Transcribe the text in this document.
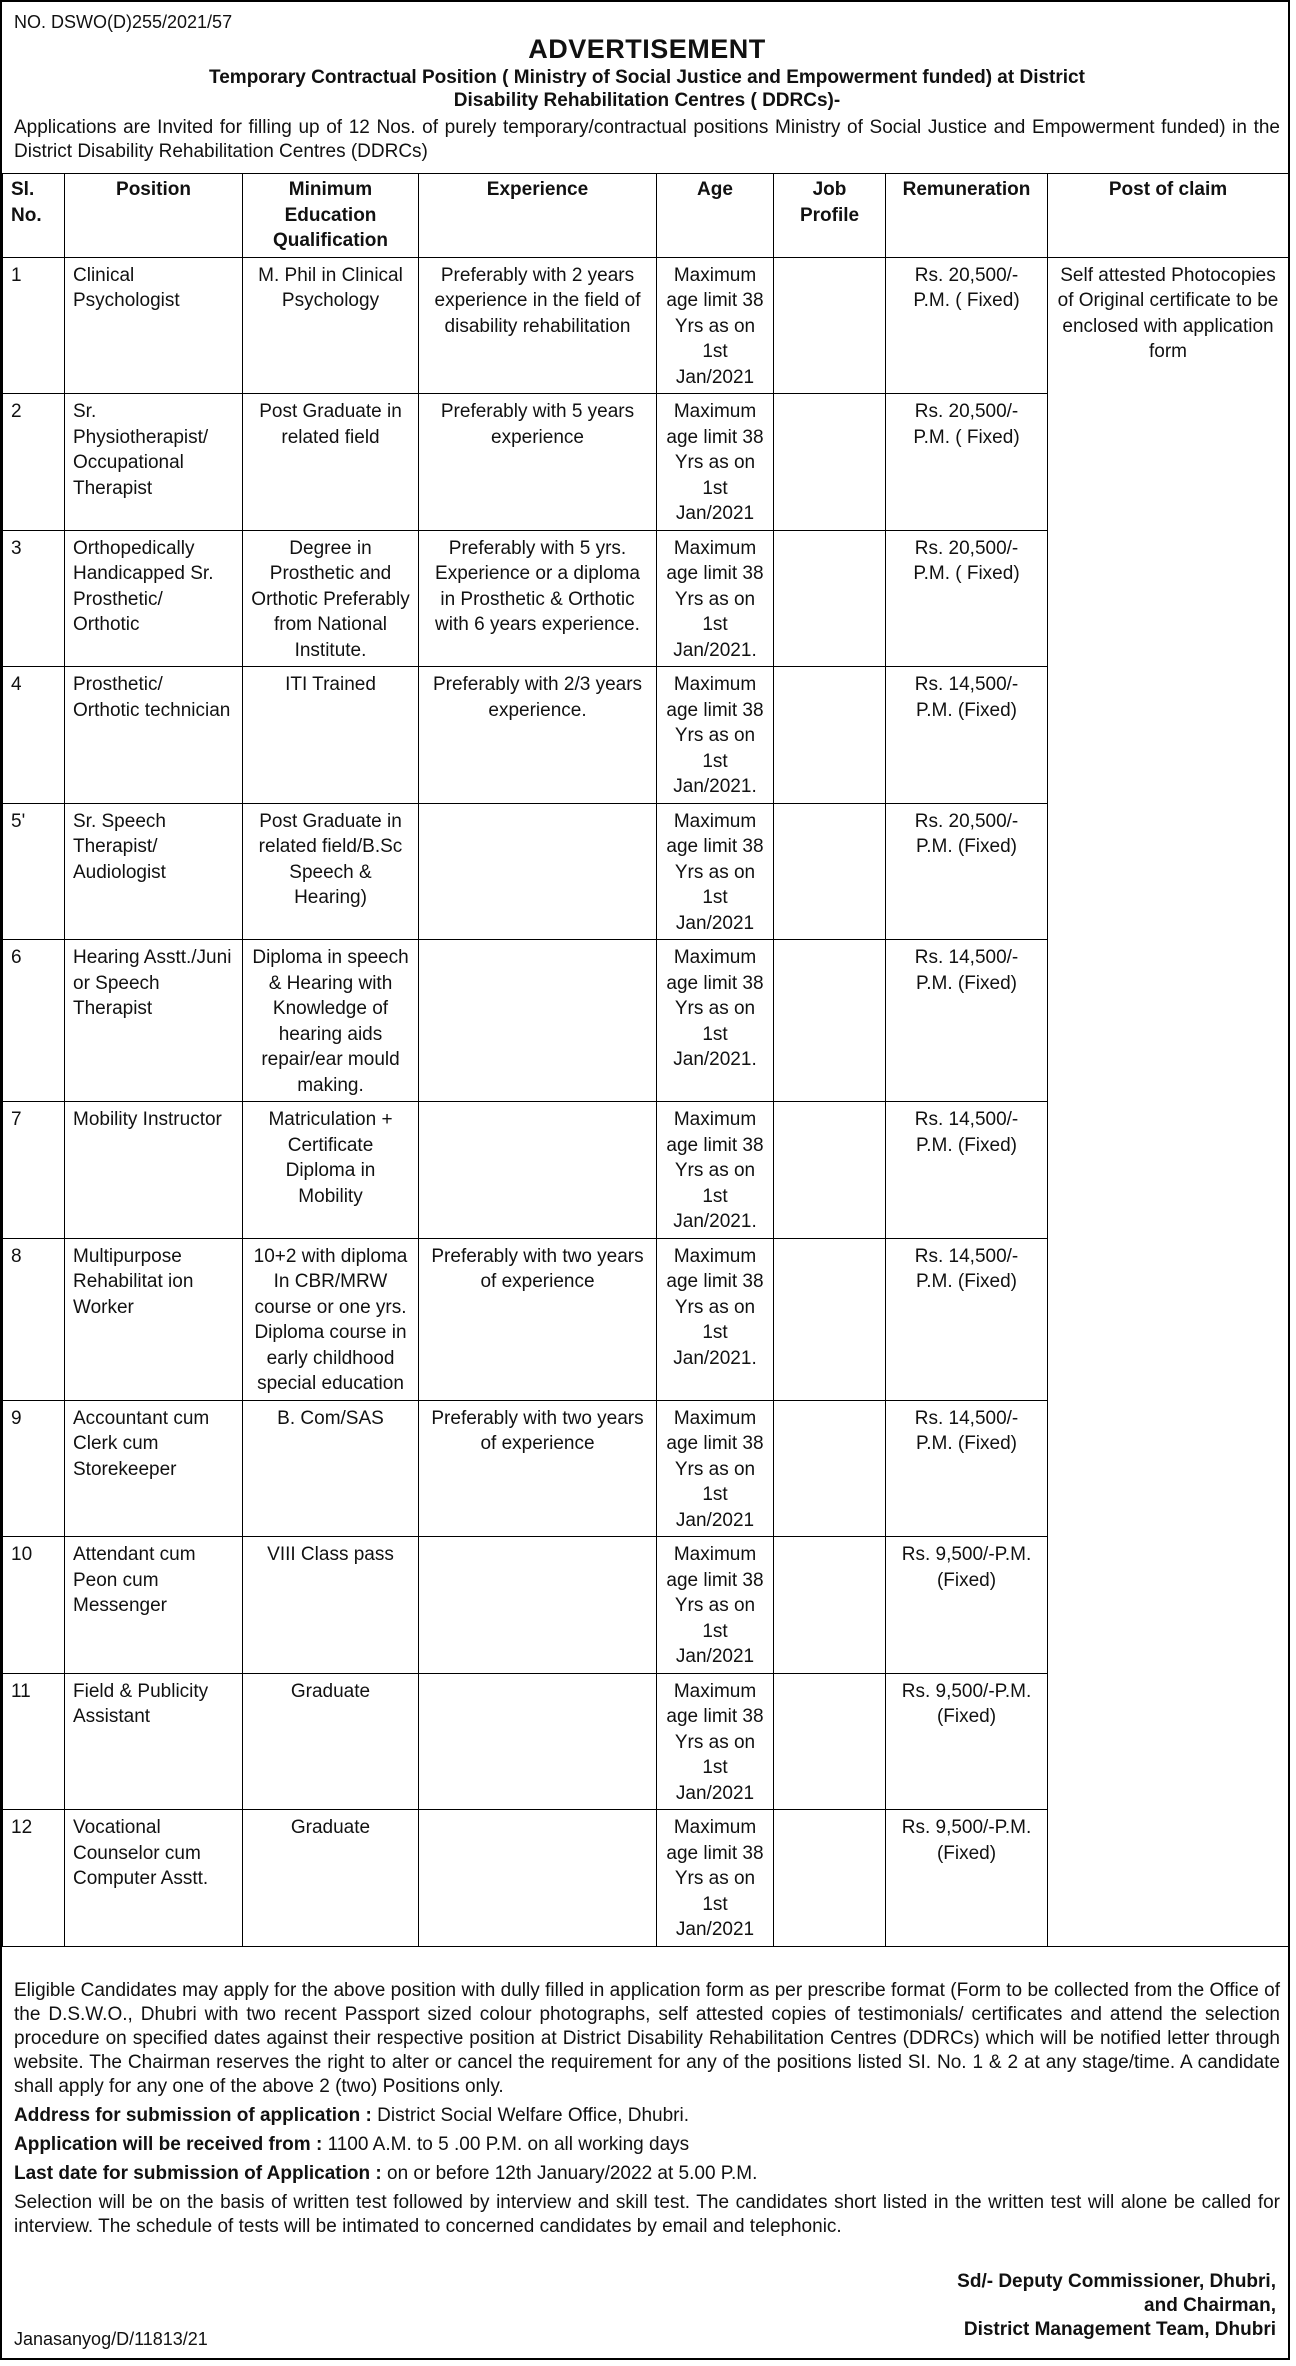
NO. DSWO(D)255/2021/57
ADVERTISEMENT
Temporary Contractual Position ( Ministry of Social Justice and Empowerment funded) at District
Disability Rehabilitation Centres ( DDRCs)-
Applications are Invited for filling up of 12 Nos. of purely temporary/contractual positions Ministry of Social Justice and Empowerment funded) in the District Disability Rehabilitation Centres (DDRCs)
Sl. No.	Position	Minimum Education Qualification	Experience	Age	Job Profile	Remuneration	Post of claim
1	Clinical Psychologist	M. Phil in Clinical Psychology	Preferably with 2 years experience in the field of disability rehabilitation	Maximum age limit 38 Yrs as on 1st Jan/2021		Rs. 20,500/- P.M. ( Fixed)	Self attested Photocopies of Original certificate to be enclosed with application form
2	Sr. Physiotherapist/ Occupational Therapist	Post Graduate in related field	Preferably with 5 years experience	Maximum age limit 38 Yrs as on 1st Jan/2021		Rs. 20,500/- P.M. ( Fixed)	
3	Orthopedically Handicapped Sr. Prosthetic/ Orthotic	Degree in Prosthetic and Orthotic Preferably from National Institute.	Preferably with 5 yrs. Experience or a diploma in Prosthetic & Orthotic with 6 years experience.	Maximum age limit 38 Yrs as on 1st Jan/2021.		Rs. 20,500/- P.M. ( Fixed)	
4	Prosthetic/ Orthotic technician	ITI Trained	Preferably with 2/3 years experience.	Maximum age limit 38 Yrs as on 1st Jan/2021.		Rs. 14,500/- P.M. (Fixed)	
5'	Sr. Speech Therapist/ Audiologist	Post Graduate in related field/B.Sc Speech & Hearing)		Maximum age limit 38 Yrs as on 1st Jan/2021		Rs. 20,500/- P.M. (Fixed)	
6	Hearing Asstt./Juni or Speech Therapist	Diploma in speech & Hearing with Knowledge of hearing aids repair/ear mould making.		Maximum age limit 38 Yrs as on 1st Jan/2021.		Rs. 14,500/- P.M. (Fixed)	
7	Mobility Instructor	Matriculation + Certificate Diploma in Mobility		Maximum age limit 38 Yrs as on 1st Jan/2021.		Rs. 14,500/- P.M. (Fixed)	
8	Multipurpose Rehabilitat ion Worker	10+2 with diploma In CBR/MRW course or one yrs. Diploma course in early childhood special education	Preferably with two years of experience	Maximum age limit 38 Yrs as on 1st Jan/2021.		Rs. 14,500/- P.M. (Fixed)	
9	Accountant cum Clerk cum Storekeeper	B. Com/SAS	Preferably with two years of experience	Maximum age limit 38 Yrs as on 1st Jan/2021		Rs. 14,500/- P.M. (Fixed)	
10	Attendant cum Peon cum Messenger	VIII Class pass		Maximum age limit 38 Yrs as on 1st Jan/2021		Rs. 9,500/-P.M. (Fixed)	
11	Field & Publicity Assistant	Graduate		Maximum age limit 38 Yrs as on 1st Jan/2021		Rs. 9,500/-P.M. (Fixed)	
12	Vocational Counselor cum Computer Asstt.	Graduate		Maximum age limit 38 Yrs as on 1st Jan/2021		Rs. 9,500/-P.M. (Fixed)	

Eligible Candidates may apply for the above position with dully filled in application form as per prescribe format (Form to be collected from the Office of the D.S.W.O., Dhubri with two recent Passport sized colour photographs, self attested copies of testimonials/ certificates and attend the selection procedure on specified dates against their respective position at District Disability Rehabilitation Centres (DDRCs) which will be notified letter through website. The Chairman reserves the right to alter or cancel the requirement for any of the positions listed SI. No. 1 & 2 at any stage/time. A candidate shall apply for any one of the above 2 (two) Positions only.

Address for submission of application : District Social Welfare Office, Dhubri.

Application will be received from : 1100 A.M. to 5 .00 P.M. on all working days

Last date for submission of Application : on or before 12th January/2022 at 5.00 P.M.

Selection will be on the basis of written test followed by interview and skill test. The candidates short listed in the written test will alone be called for interview. The schedule of tests will be intimated to concerned candidates by email and telephonic.

Sd/- Deputy Commissioner, Dhubri,
and Chairman,
District Management Team, Dhubri
Janasanyog/D/11813/21
